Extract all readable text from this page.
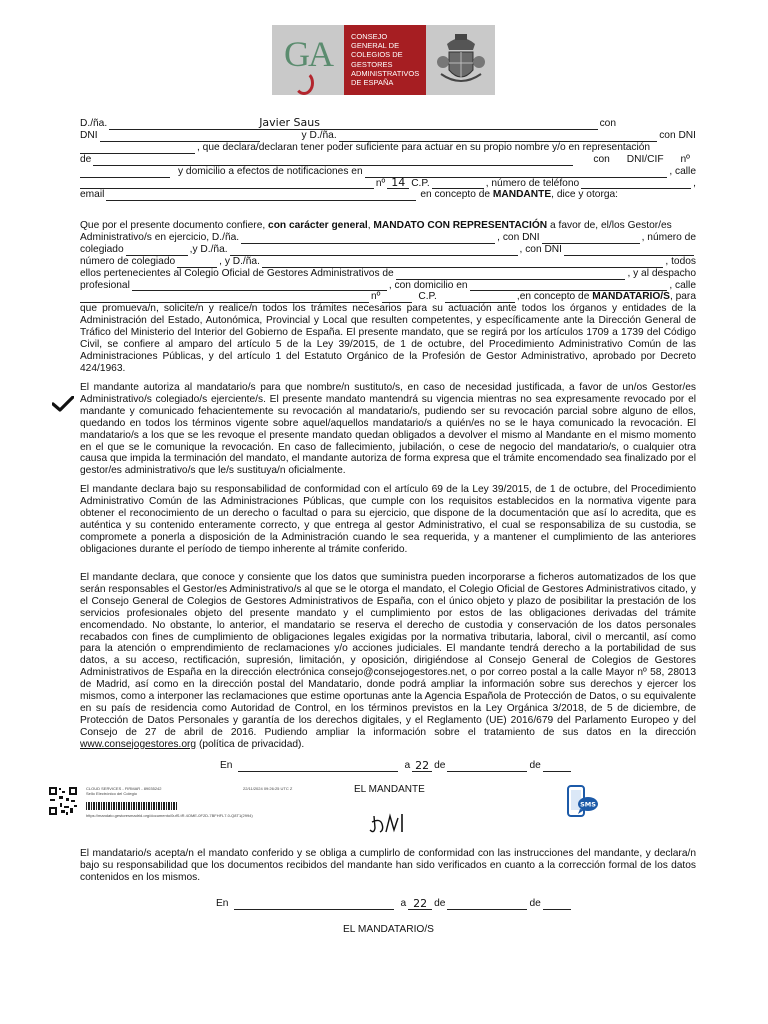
GA	CONSEJO GENERAL DE COLEGIOS DE GESTORES ADMINISTRATIVOS DE ESPAÑA
D./ña.	Javier Saus	con
DNI	y D./ña.	con DNI
, que declara/declaran tener poder suficiente para actuar en su propio nombre y/o en representación
de	con      DNI/CIF      nº
y domicilio a efectos de notificaciones en	, calle
nº 14 C.P.	, número de teléfono	,
email	en concepto de
MANDANTE , dice y otorga:
Que por el presente documento confiere, con carácter general, MANDATO CON REPRESENTACIÓN a favor de, el/los Gestor/es
Administrativo/s en ejercicio, D./ña.	, con DNI	, número de
colegiado	,y D./ña.	, con DNI
número de colegiado	, y D./ña.	, todos
ellos pertenecientes al Colegio Oficial de Gestores Administrativos de	, y al despacho
profesional	, con domicilio en	, calle
nº	C.P.	,en concepto de
MANDATARIO/S , para
que promueva/n, solicite/n y realice/n todos los trámites necesarios para su actuación ante todos los órganos y entidades de la Administración del Estado, Autonómica, Provincial y Local que resulten competentes, y específicamente ante la Dirección General de Tráfico del Ministerio del Interior del Gobierno de España. El presente mandato, que se regirá por los artículos 1709 a 1739 del Código Civil, se confiere al amparo del artículo 5 de la Ley 39/2015, de 1 de octubre, del Procedimiento Administrativo Común de las Administraciones Públicas, y del artículo 1 del Estatuto Orgánico de la Profesión de Gestor Administrativo, aprobado por Decreto 424/1963.
El mandante autoriza al mandatario/s para que nombre/n sustituto/s, en caso de necesidad justificada, a favor de un/os Gestor/es Administrativo/s colegiado/s ejerciente/s. El presente mandato mantendrá su vigencia mientras no sea expresamente revocado por el mandante y comunicado fehacientemente su revocación al mandatario/s, pudiendo ser su revocación parcial sobre alguno de ellos, quedando en todos los términos vigente sobre aquel/aquellos mandatario/s a quién/es no se le haya comunicado la revocación. El mandatario/s a los que se les revoque el presente mandato quedan obligados a devolver el mismo al Mandante en el mismo momento en el que se le comunique la revocación. En caso de fallecimiento, jubilación, o cese de negocio del mandatario/s, o cualquier otra causa que impida la terminación del mandato, el mandante autoriza de forma expresa que el trámite encomendado sea finalizado por el gestor/es administrativo/s que le/s sustituya/n oficialmente.
El mandante declara bajo su responsabilidad de conformidad con el artículo 69 de la Ley 39/2015, de 1 de octubre, del Procedimiento Administrativo Común de las Administraciones Públicas, que cumple con los requisitos establecidos en la normativa vigente para obtener el reconocimiento de un derecho o facultad o para su ejercicio, que dispone de la documentación que así lo acredita, que es auténtica y su contenido enteramente correcto, y que entrega al gestor Administrativo, el cual se responsabiliza de su custodia, se compromete a ponerla a disposición de la Administración cuando le sea requerida, y a mantener el cumplimiento de las anteriores obligaciones durante el período de tiempo inherente al trámite conferido.
El mandante declara, que conoce y consiente que los datos que suministra pueden incorporarse a ficheros automatizados de los que serán responsables el Gestor/es Administrativo/s al que se le otorga el mandato, el Colegio Oficial de Gestores Administrativos citado, y el Consejo General de Colegios de Gestores Administrativos de España, con el único objeto y plazo de posibilitar la prestación de los servicios profesionales objeto del presente mandato y el cumplimiento por estos de las obligaciones derivadas del trámite encomendado. No obstante, lo anterior, el mandatario se reserva el derecho de custodia y conservación de los datos personales recabados con fines de cumplimiento de obligaciones legales exigidas por la normativa tributaria, laboral, civil o mercantil, así como para la atención o emprendimiento de reclamaciones y/o acciones judiciales. El mandante tendrá derecho a la portabilidad de sus datos, a su acceso, rectificación, supresión, limitación, y oposición, dirigiéndose al Consejo General de Colegios de Gestores Administrativos de España en la dirección electrónica consejo@consejogestores.net, o por correo postal a la calle Mayor nº 58, 28013 de Madrid, así como en la dirección postal del Mandatario, donde podrá ampliar la información sobre sus derechos y ejercer los mismos, como a interponer las reclamaciones que estime oportunas ante la Agencia Española de Protección de Datos, o su equivalente en su país de residencia como Autoridad de Control, en los términos previstos en la Ley Orgánica 3/2018, de 5 de diciembre, de Protección de Datos Personales y garantía de los derechos digitales, y el Reglamento (UE) 2016/679 del Parlamento Europeo y del Consejo de 27 de abril de 2016. Pudiendo ampliar la información sobre el tratamiento de sus datos en la dirección www.consejogestores.org (política de privacidad).
En	a 22 de	de
CLOUD SERVICES - FIRMAR - 89035242
Sello Electrónico del Colegio
22/11/2024 09:26:25 UTC Z
https://mandato.gestoresmadrid.org/documento/0ufS.tR.4OME-0F2D-7BFHFL7.0-Q8T1(2994)
EL MANDANTE
SMS
El mandatario/s acepta/n el mandato conferido y se obliga a cumplirlo de conformidad con las instrucciones del mandante, y declara/n bajo su responsabilidad que los documentos recibidos del mandante han sido verificados en cuanto a la corrección formal de los datos contenidos en los mismos.
En	a 22 de	de
EL MANDATARIO/S
